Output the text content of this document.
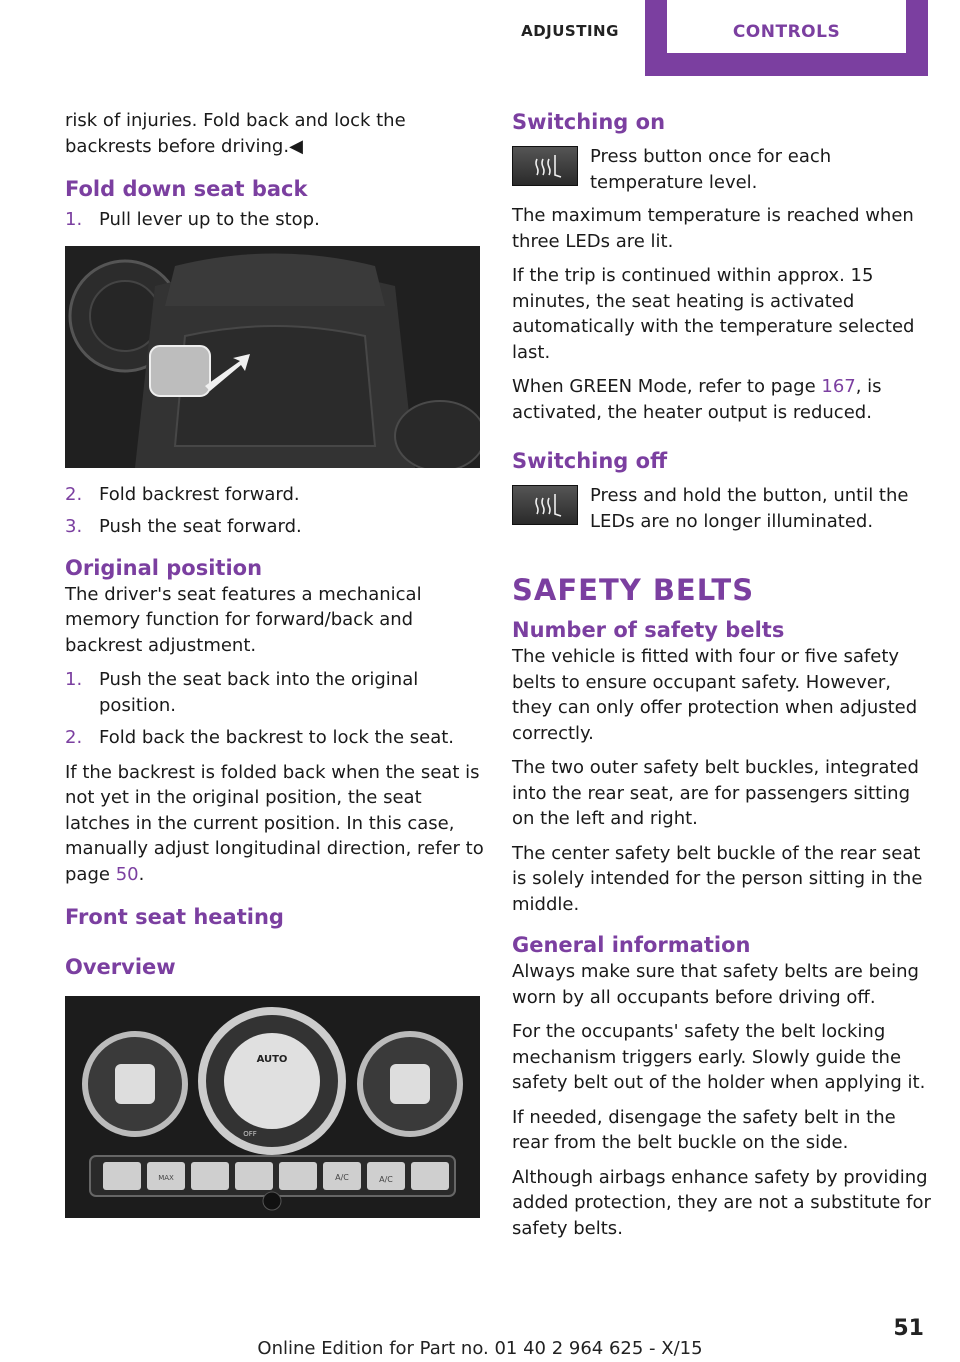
ADJUSTING	CONTROLS

risk of injuries. Fold back and lock the backrests before driving.◀

Fold down seat back
1. Pull lever up to the stop.
2. Fold backrest forward.
3. Push the seat forward.
Original position

The driver's seat features a mechanical memory function for forward/back and backrest adjustment.

1. Push the seat back into the original position.
2. Fold back the backrest to lock the seat.

If the backrest is folded back when the seat is not yet in the original position, the seat latches in the current position. In this case, manually adjust longitudinal direction, refer to page 50.

Front seat heating
Overview
AUTO
OFF
MAX	A/C	A/C
Switching on

Press button once for each temperature level.

The maximum temperature is reached when three LEDs are lit.

If the trip is continued within approx. 15 minutes, the seat heating is activated automatically with the temperature selected last.

When GREEN Mode, refer to page 167, is activated, the heater output is reduced.

Switching off

Press and hold the button, until the LEDs are no longer illuminated.

SAFETY BELTS
Number of safety belts

The vehicle is fitted with four or five safety belts to ensure occupant safety. However, they can only offer protection when adjusted correctly.

The two outer safety belt buckles, integrated into the rear seat, are for passengers sitting on the left and right.

The center safety belt buckle of the rear seat is solely intended for the person sitting in the middle.

General information

Always make sure that safety belts are being worn by all occupants before driving off.

For the occupants' safety the belt locking mechanism triggers early. Slowly guide the safety belt out of the holder when applying it.

If needed, disengage the safety belt in the rear from the belt buckle on the side.

Although airbags enhance safety by providing added protection, they are not a substitute for safety belts.

51
Online Edition for Part no. 01 40 2 964 625 - X/15
